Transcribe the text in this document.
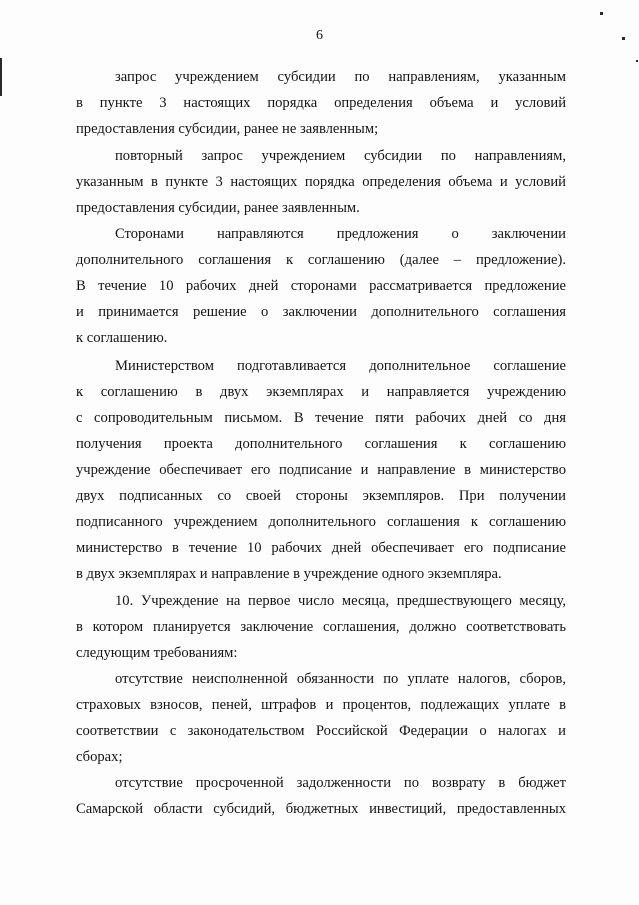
6
запрос учреждением субсидии по направлениям, указанным
в пункте 3 настоящих порядка определения объема и условий
предоставления субсидии, ранее не заявленным;
повторный запрос учреждением субсидии по направлениям,
указанным в пункте 3 настоящих порядка определения объема и условий
предоставления субсидии, ранее заявленным.
Сторонами направляются предложения о заключении
дополнительного соглашения к соглашению (далее – предложение).
В течение 10 рабочих дней сторонами рассматривается предложение
и принимается решение о заключении дополнительного соглашения
к соглашению.
Министерством подготавливается дополнительное соглашение
к соглашению в двух экземплярах и направляется учреждению
с сопроводительным письмом. В течение пяти рабочих дней со дня
получения проекта дополнительного соглашения к соглашению
учреждение обеспечивает его подписание и направление в министерство
двух подписанных со своей стороны экземпляров. При получении
подписанного учреждением дополнительного соглашения к соглашению
министерство в течение 10 рабочих дней обеспечивает его подписание
в двух экземплярах и направление в учреждение одного экземпляра.
10. Учреждение на первое число месяца, предшествующего месяцу,
в котором планируется заключение соглашения, должно соответствовать
следующим требованиям:
отсутствие неисполненной обязанности по уплате налогов, сборов,
страховых взносов, пеней, штрафов и процентов, подлежащих уплате в
соответствии с законодательством Российской Федерации о налогах и
сборах;
отсутствие просроченной задолженности по возврату в бюджет
Самарской области субсидий, бюджетных инвестиций, предоставленных
